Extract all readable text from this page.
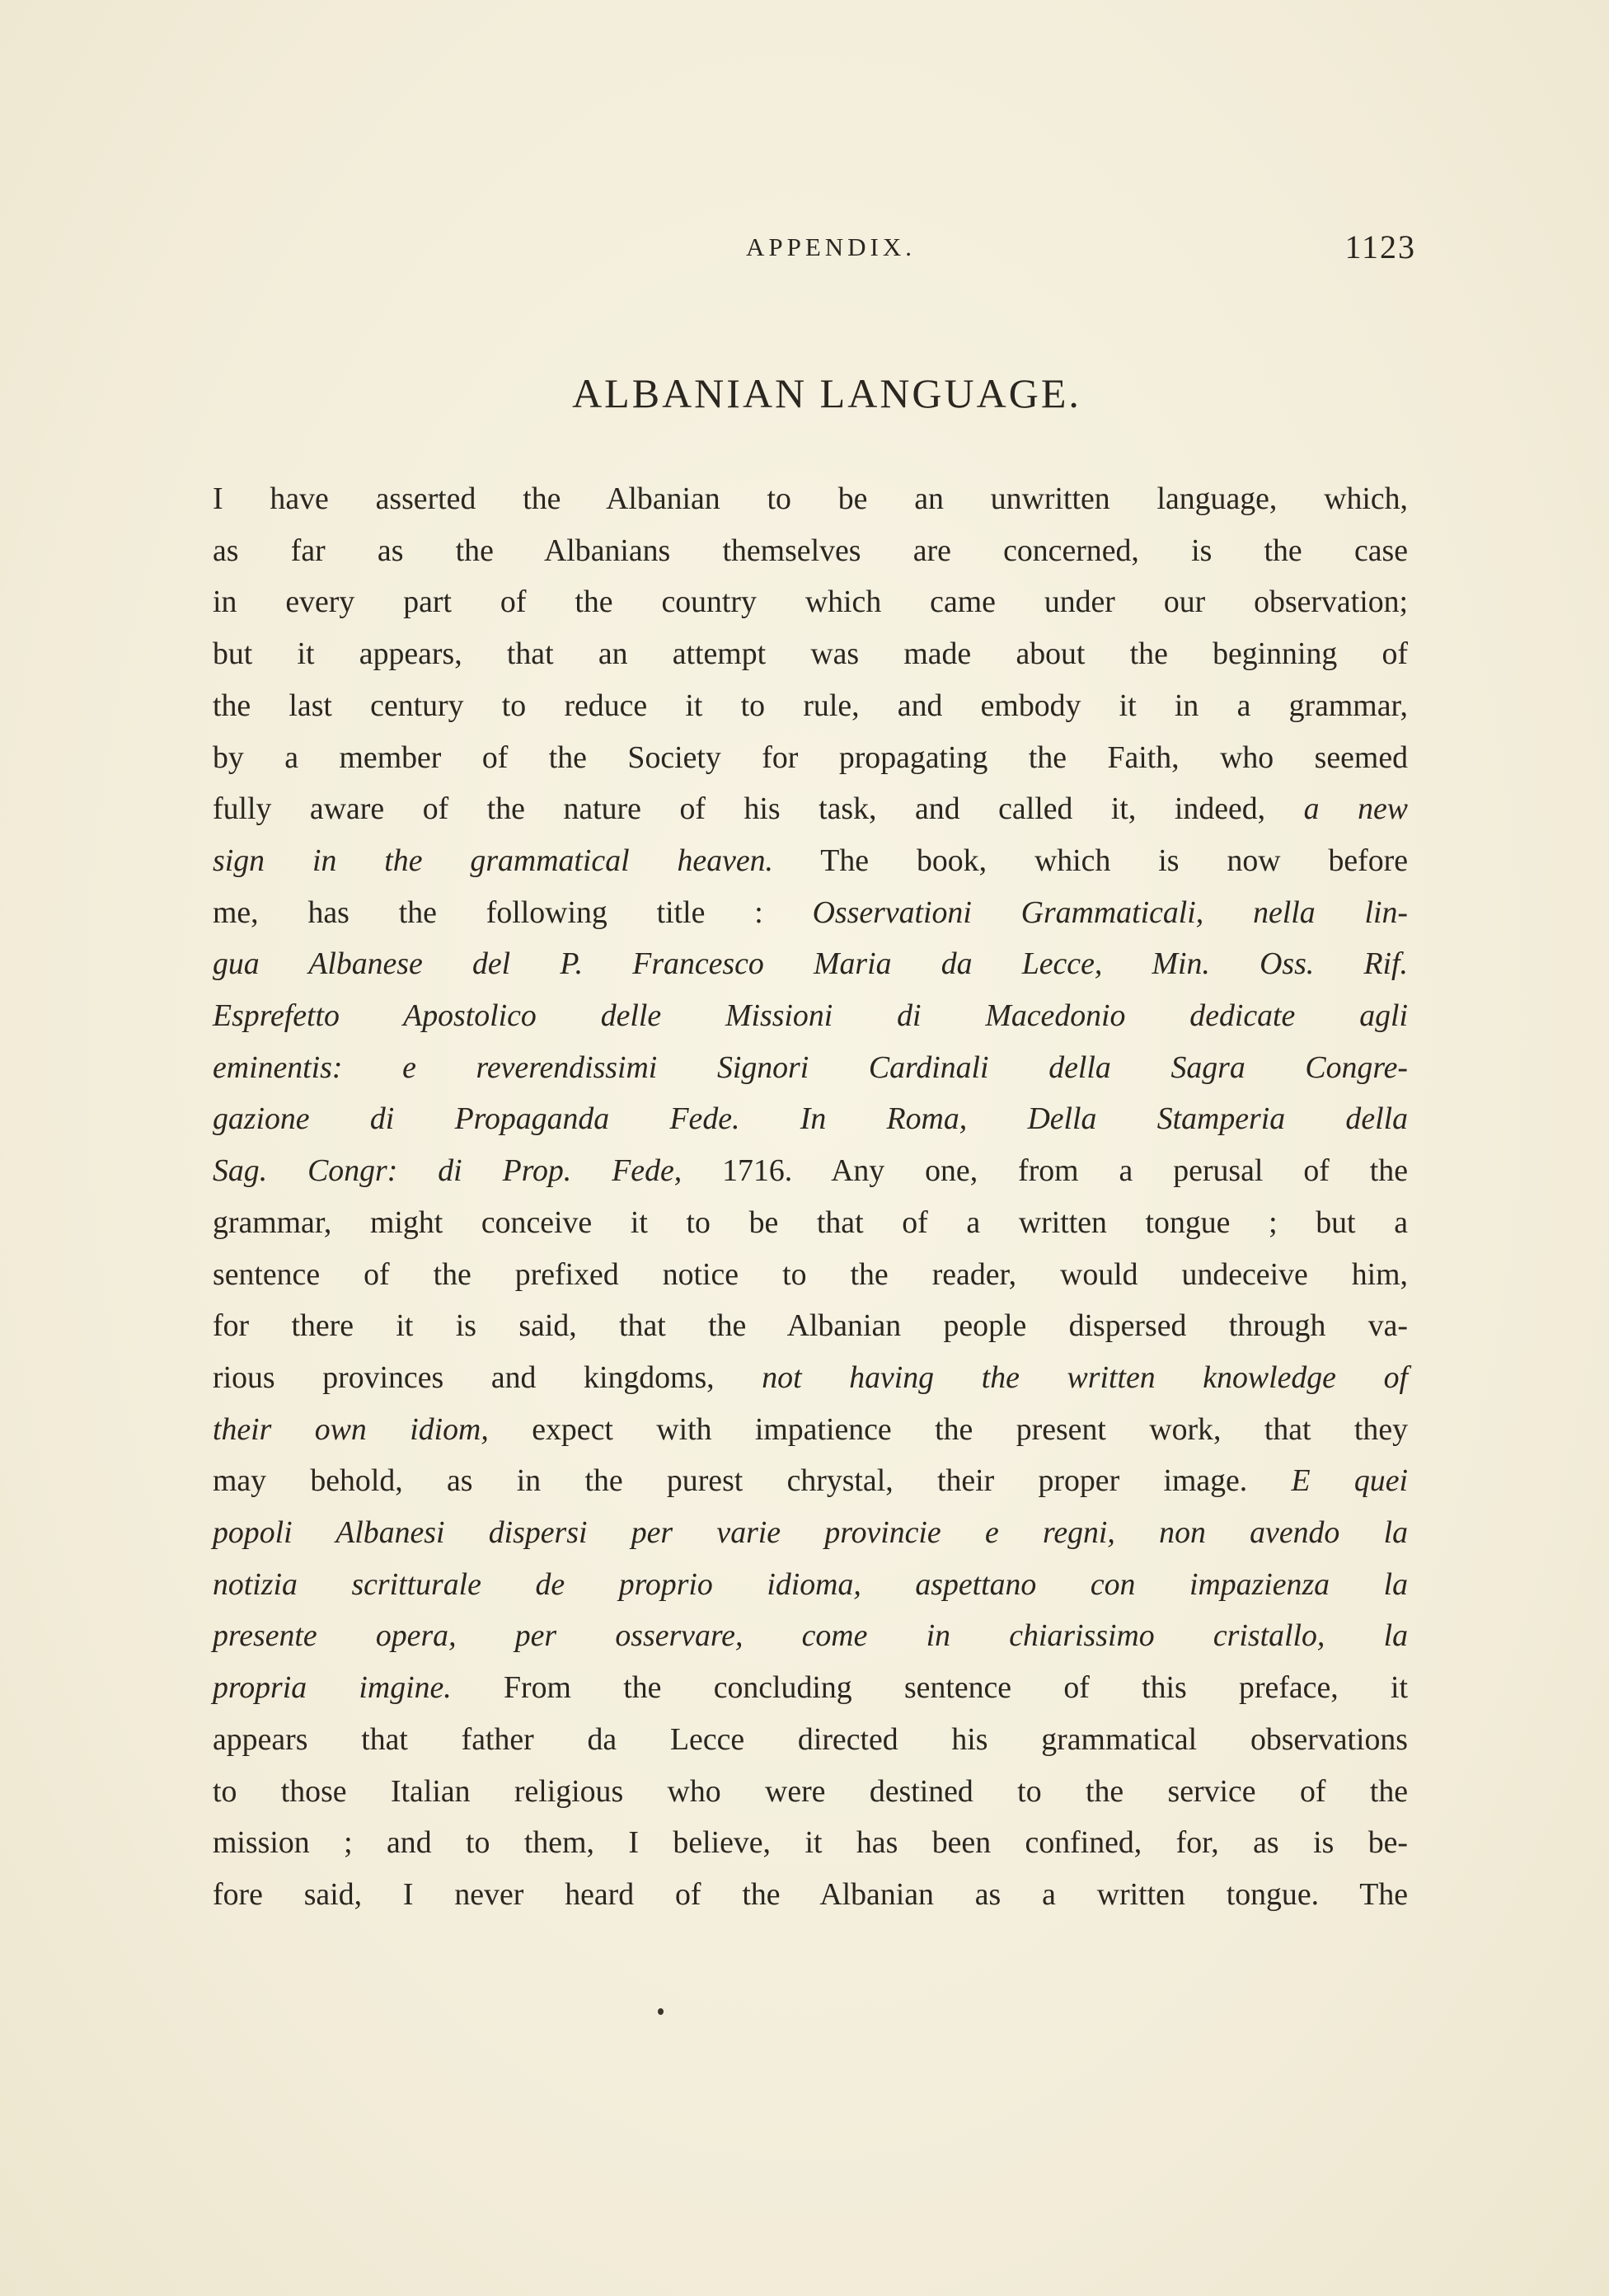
APPENDIX.	1123
ALBANIAN LANGUAGE.
I have asserted the Albanian to be an unwritten language, which,
as far as the Albanians themselves are concerned, is the case
in every part of the country which came under our observation;
but it appears, that an attempt was made about the beginning of
the last century to reduce it to rule, and embody it in a grammar,
by a member of the Society for propagating the Faith, who seemed
fully aware of the nature of his task, and called it, indeed, a new
sign in the grammatical heaven. The book, which is now before
me, has the following title : Osservationi Grammaticali, nella lin-
gua Albanese del P. Francesco Maria da Lecce, Min. Oss. Rif.
Esprefetto Apostolico delle Missioni di Macedonio dedicate agli
eminentis: e reverendissimi Signori Cardinali della Sagra Congre-
gazione di Propaganda Fede. In Roma, Della Stamperia della
Sag. Congr: di Prop. Fede, 1716. Any one, from a perusal of the
grammar, might conceive it to be that of a written tongue ; but a
sentence of the prefixed notice to the reader, would undeceive him,
for there it is said, that the Albanian people dispersed through va-
rious provinces and kingdoms, not having the written knowledge of
their own idiom, expect with impatience the present work, that they
may behold, as in the purest chrystal, their proper image. E quei
popoli Albanesi dispersi per varie provincie e regni, non avendo la
notizia scritturale de proprio idioma, aspettano con impazienza la
presente opera, per osservare, come in chiarissimo cristallo, la
propria imgine. From the concluding sentence of this preface, it
appears that father da Lecce directed his grammatical observations
to those Italian religious who were destined to the service of the
mission ; and to them, I believe, it has been confined, for, as is be-
fore said, I never heard of the Albanian as a written tongue. The
